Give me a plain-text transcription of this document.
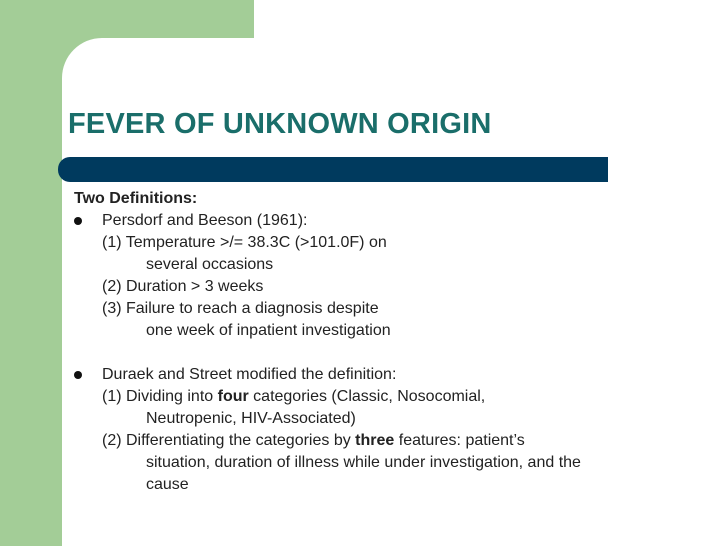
FEVER OF UNKNOWN ORIGIN
Two Definitions:
Persdorf and Beeson (1961):
(1) Temperature >/= 38.3C (>101.0F) on
several occasions
(2) Duration > 3 weeks
(3) Failure to reach a diagnosis despite
one week of inpatient investigation
Duraek and Street modified the definition:
(1) Dividing into four categories (Classic, Nosocomial,
Neutropenic, HIV-Associated)
(2) Differentiating the categories by three features: patient’s
situation, duration of illness while under investigation, and the
cause
